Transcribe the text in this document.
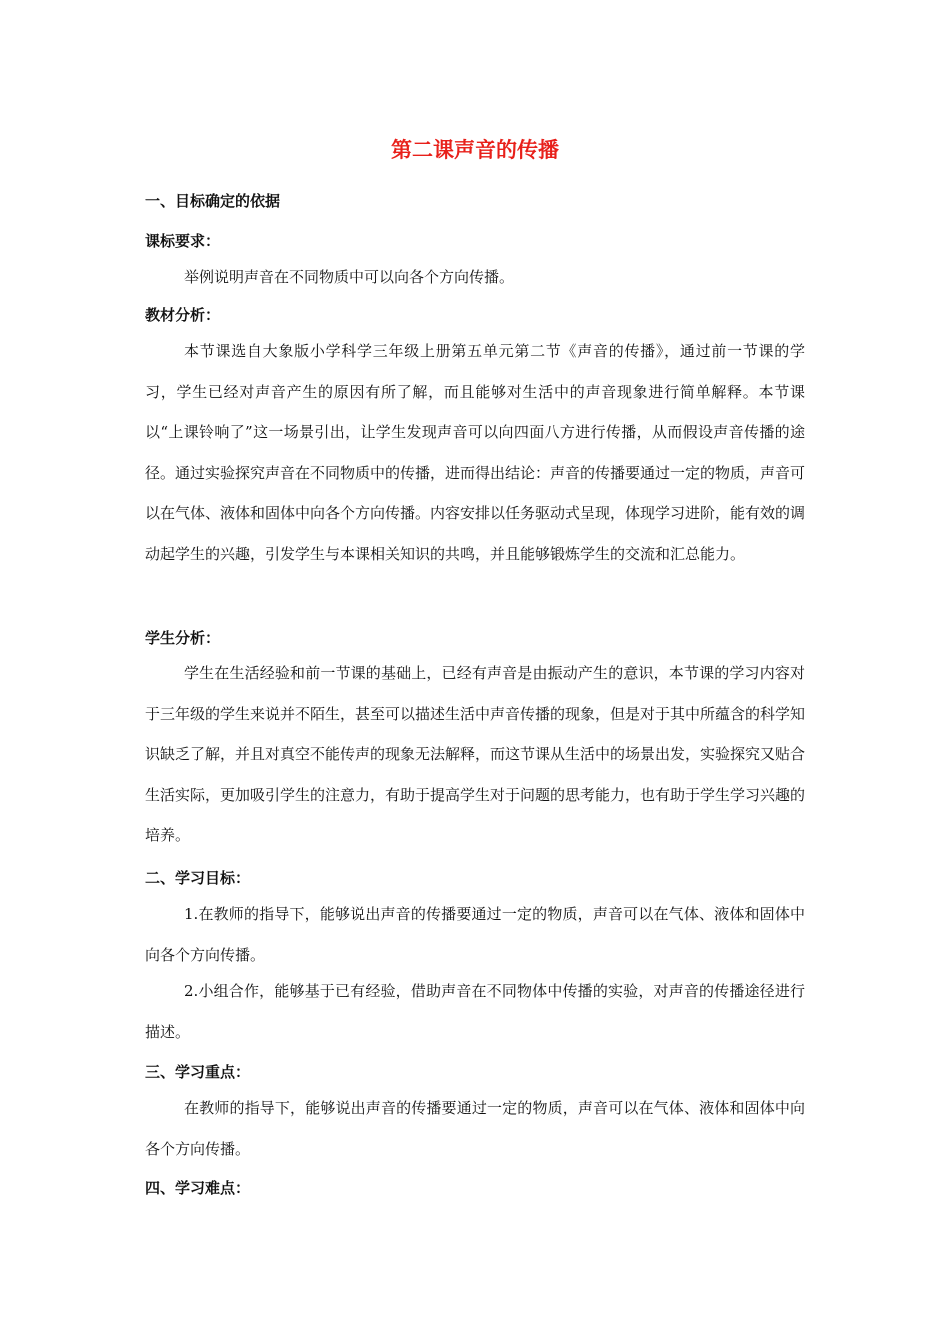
第二课声音的传播
一、目标确定的依据
课标要求：
举例说明声音在不同物质中可以向各个方向传播。
教材分析：
本节课选自大象版小学科学三年级上册第五单元第二节《声音的传播》，通过前一节课的学习，学生已经对声音产生的原因有所了解，而且能够对生活中的声音现象进行简单解释。本节课以“上课铃响了”这一场景引出，让学生发现声音可以向四面八方进行传播，从而假设声音传播的途径。通过实验探究声音在不同物质中的传播，进而得出结论：声音的传播要通过一定的物质，声音可以在气体、液体和固体中向各个方向传播。内容安排以任务驱动式呈现，体现学习进阶，能有效的调动起学生的兴趣，引发学生与本课相关知识的共鸣，并且能够锻炼学生的交流和汇总能力。
学生分析：
学生在生活经验和前一节课的基础上，已经有声音是由振动产生的意识，本节课的学习内容对于三年级的学生来说并不陌生，甚至可以描述生活中声音传播的现象，但是对于其中所蕴含的科学知识缺乏了解，并且对真空不能传声的现象无法解释，而这节课从生活中的场景出发，实验探究又贴合生活实际，更加吸引学生的注意力，有助于提高学生对于问题的思考能力，也有助于学生学习兴趣的培养。
二、学习目标：
1.在教师的指导下，能够说出声音的传播要通过一定的物质，声音可以在气体、液体和固体中向各个方向传播。
2.小组合作，能够基于已有经验，借助声音在不同物体中传播的实验，对声音的传播途径进行描述。
三、学习重点：
在教师的指导下，能够说出声音的传播要通过一定的物质，声音可以在气体、液体和固体中向各个方向传播。
四、学习难点：
